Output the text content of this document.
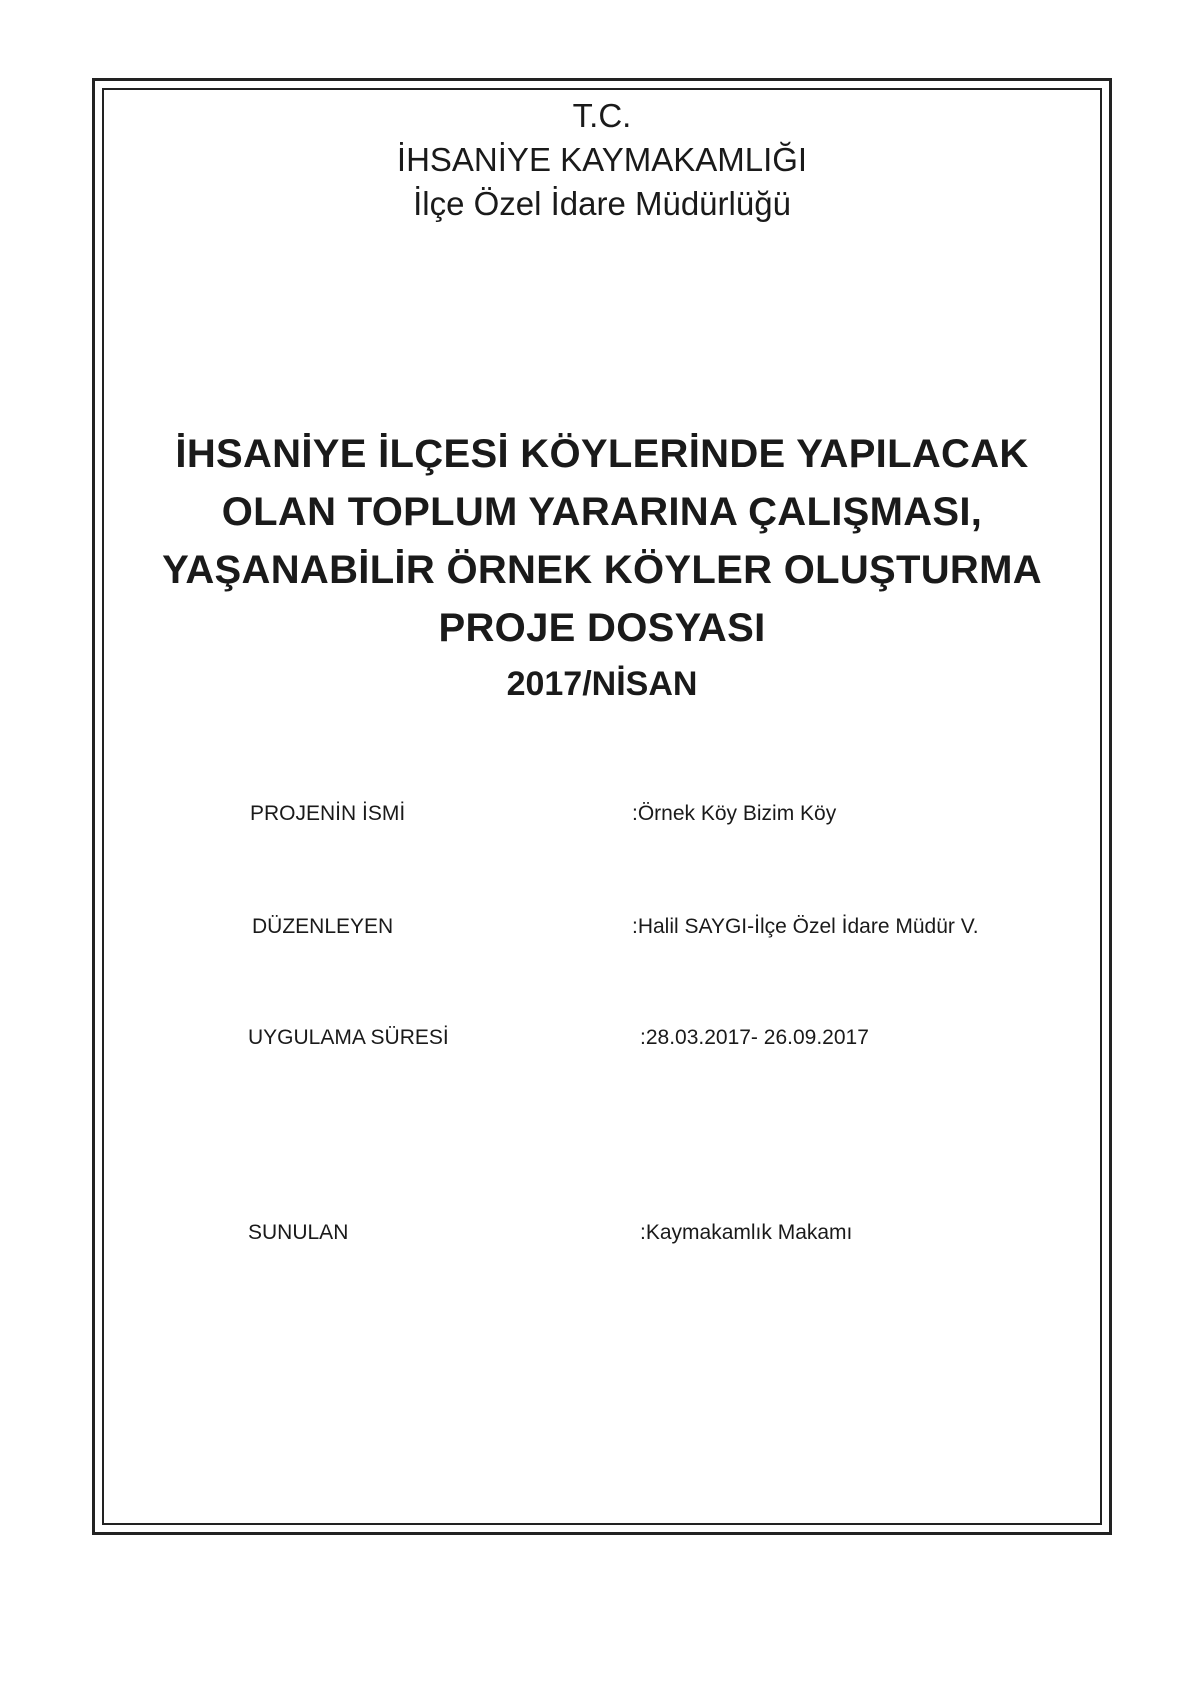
T.C.
İHSANİYE KAYMAKAMLIĞI
İlçe Özel İdare Müdürlüğü
İHSANİYE İLÇESİ KÖYLERİNDE YAPILACAK
OLAN TOPLUM YARARINA ÇALIŞMASI,
YAŞANABİLİR ÖRNEK KÖYLER OLUŞTURMA
PROJE DOSYASI
2017/NİSAN
PROJENİN İSMİ	:Örnek Köy Bizim Köy
DÜZENLEYEN	:Halil SAYGI-İlçe Özel İdare Müdür V.
UYGULAMA SÜRESİ	:28.03.2017- 26.09.2017
SUNULAN	:Kaymakamlık Makamı
